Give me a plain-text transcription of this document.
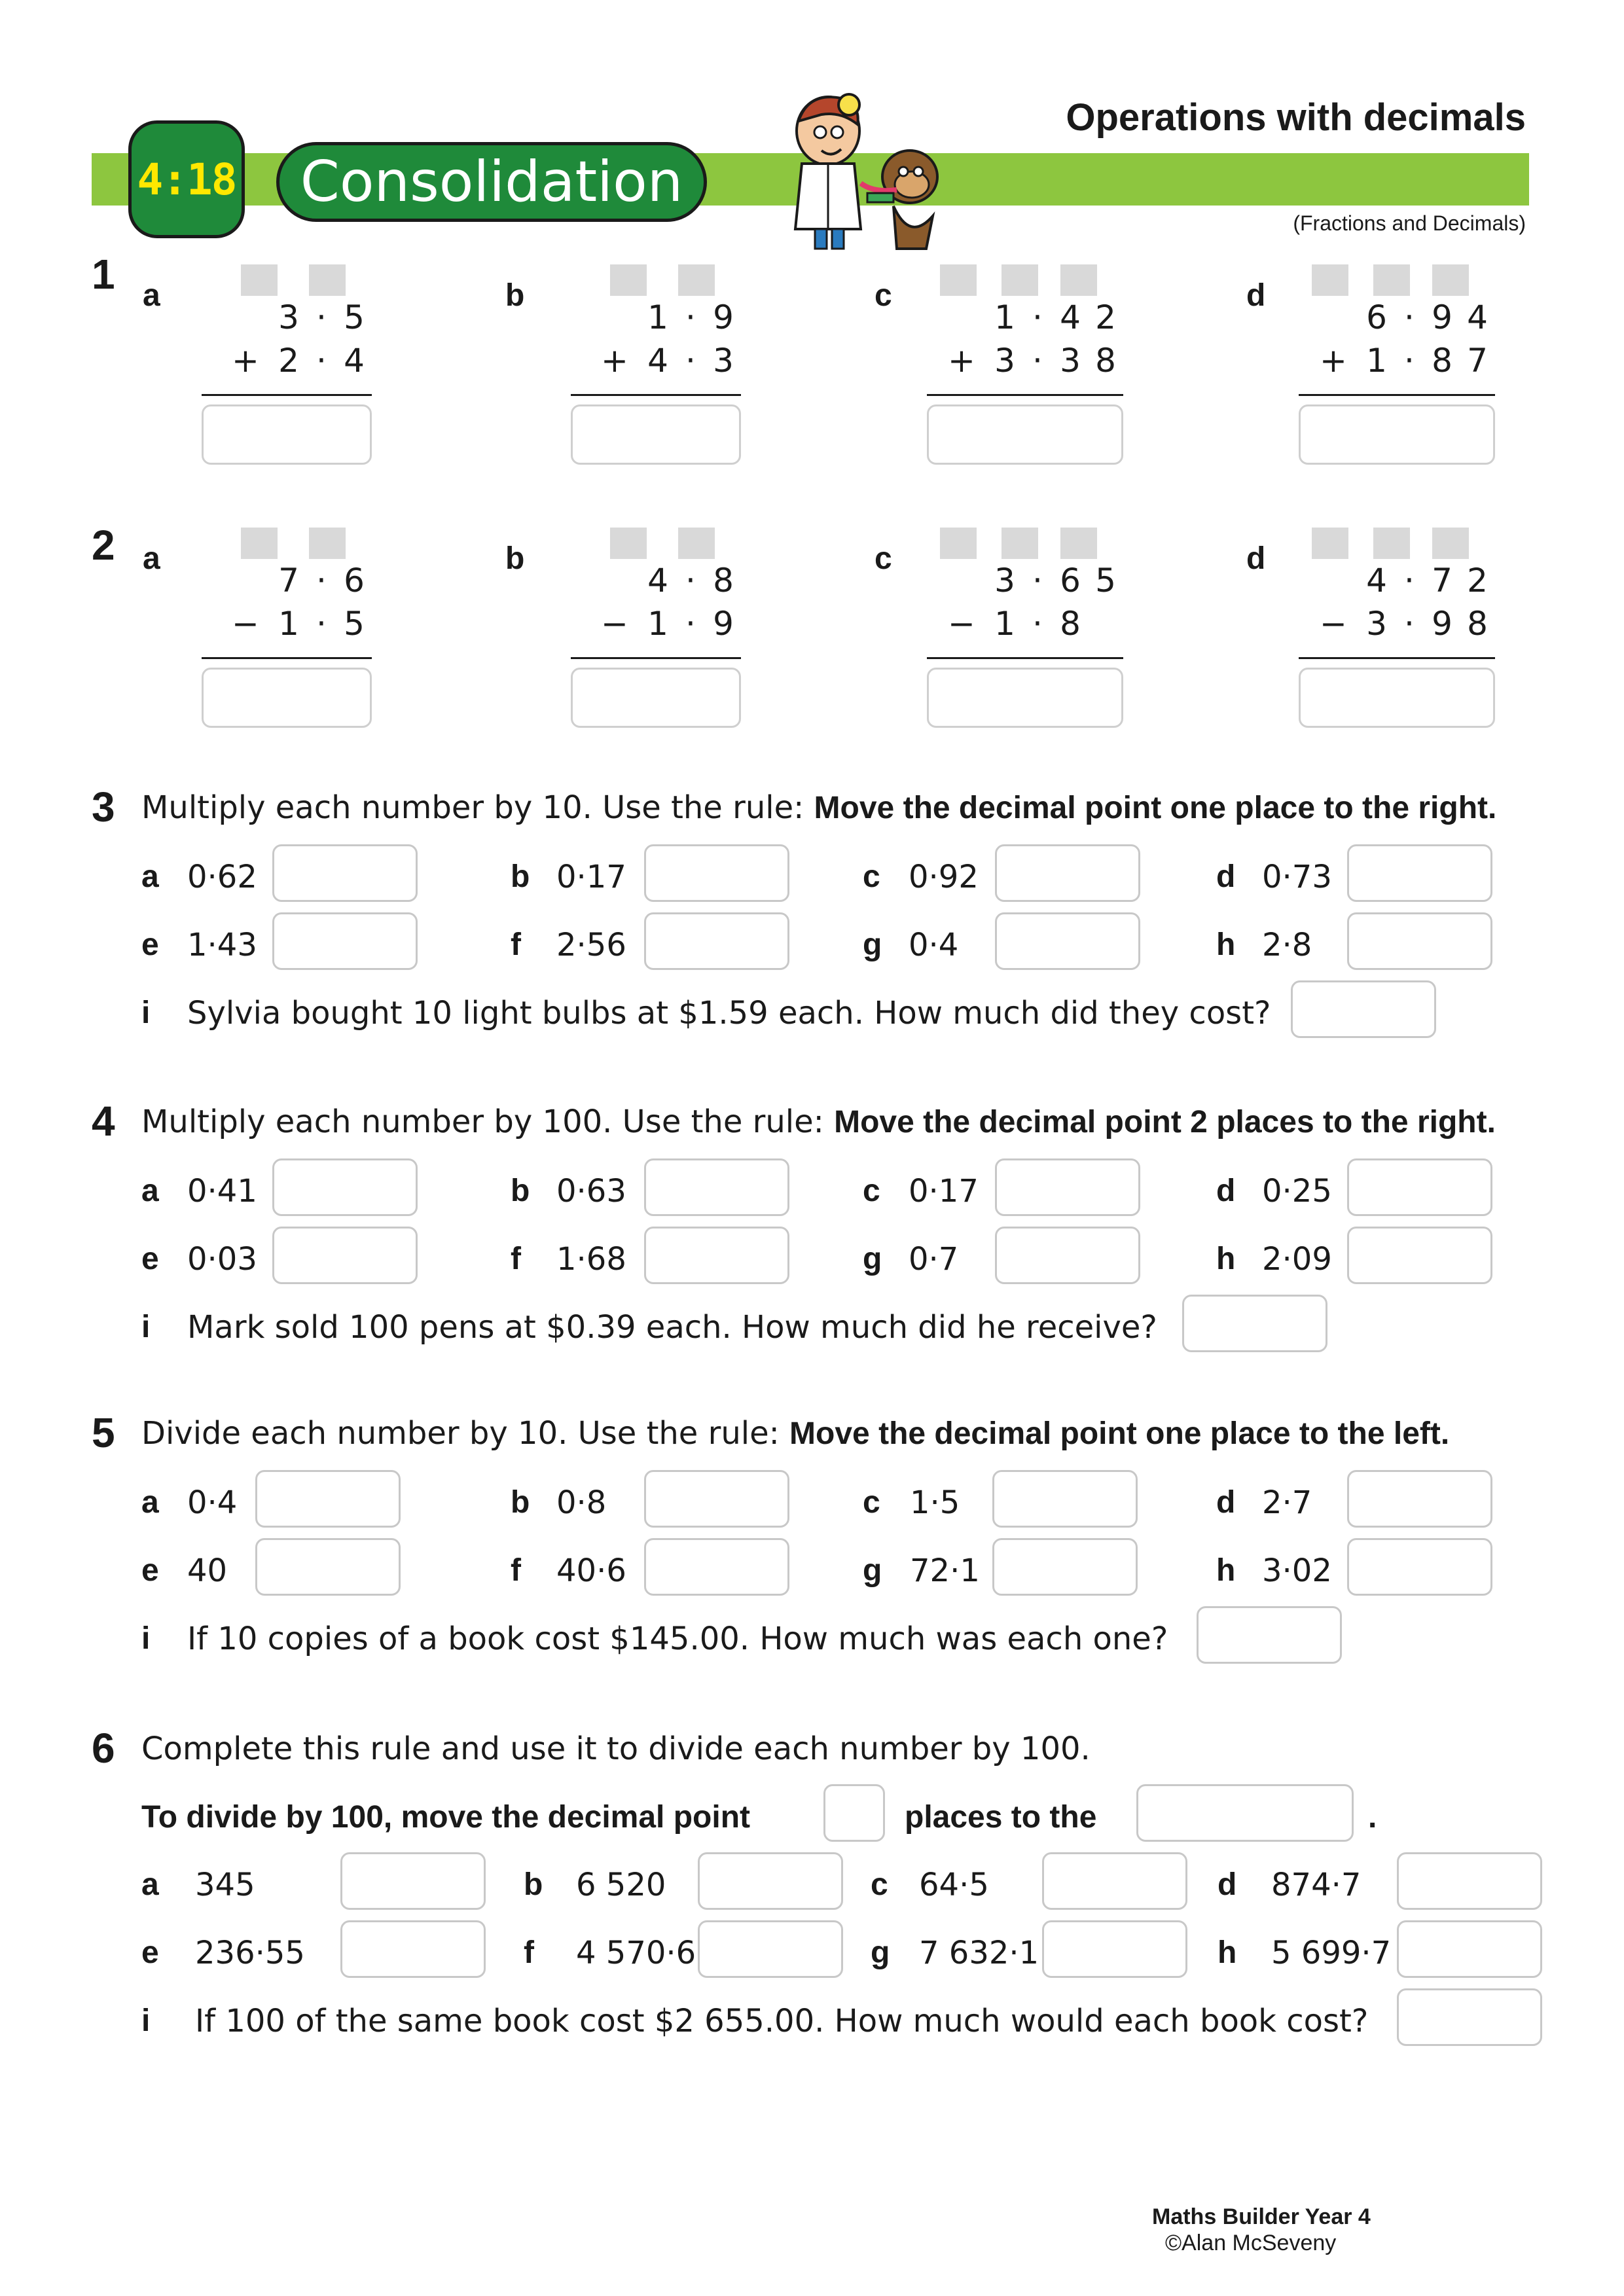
4:18	Consolidation
Operations with decimals
(Fractions and Decimals)
1 a
3 · 5
+ 2 · 4
b
1 · 9
+ 4 · 3
c
1 · 4 2
+ 3 · 3 8
d
6 · 9 4
+ 1 · 8 7
2 a
7 · 6
− 1 · 5
b
4 · 8
− 1 · 9
c
3 · 6 5
− 1 · 8
d
4 · 7 2
− 3 · 9 8
3 Multiply each number by 10. Use the rule: Move the decimal point one place to the right.
a 0·62	b 0·17	c 0·92	d 0·73
e 1·43	f 2·56	g 0·4	h 2·8
i Sylvia bought 10 light bulbs at $1.59 each. How much did they cost?
4 Multiply each number by 100. Use the rule: Move the decimal point 2 places to the right.
a 0·41	b 0·63	c 0·17	d 0·25
e 0·03	f 1·68	g 0·7	h 2·09
i Mark sold 100 pens at $0.39 each. How much did he receive?
5 Divide each number by 10. Use the rule: Move the decimal point one place to the left.
a 0·4	b 0·8	c 1·5	d 2·7
e 40	f 40·6	g 72·1	h 3·02
i If 10 copies of a book cost $145.00. How much was each one?
6 Complete this rule and use it to divide each number by 100.
To divide by 100, move the decimal point	places to the	.
a 345	b 6 520	c 64·5	d 874·7
e 236·55	f 4 570·6	g 7 632·1	h 5 699·7
i If 100 of the same book cost $2 655.00. How much would each book cost?
Maths Builder Year 4
©Alan McSeveny
